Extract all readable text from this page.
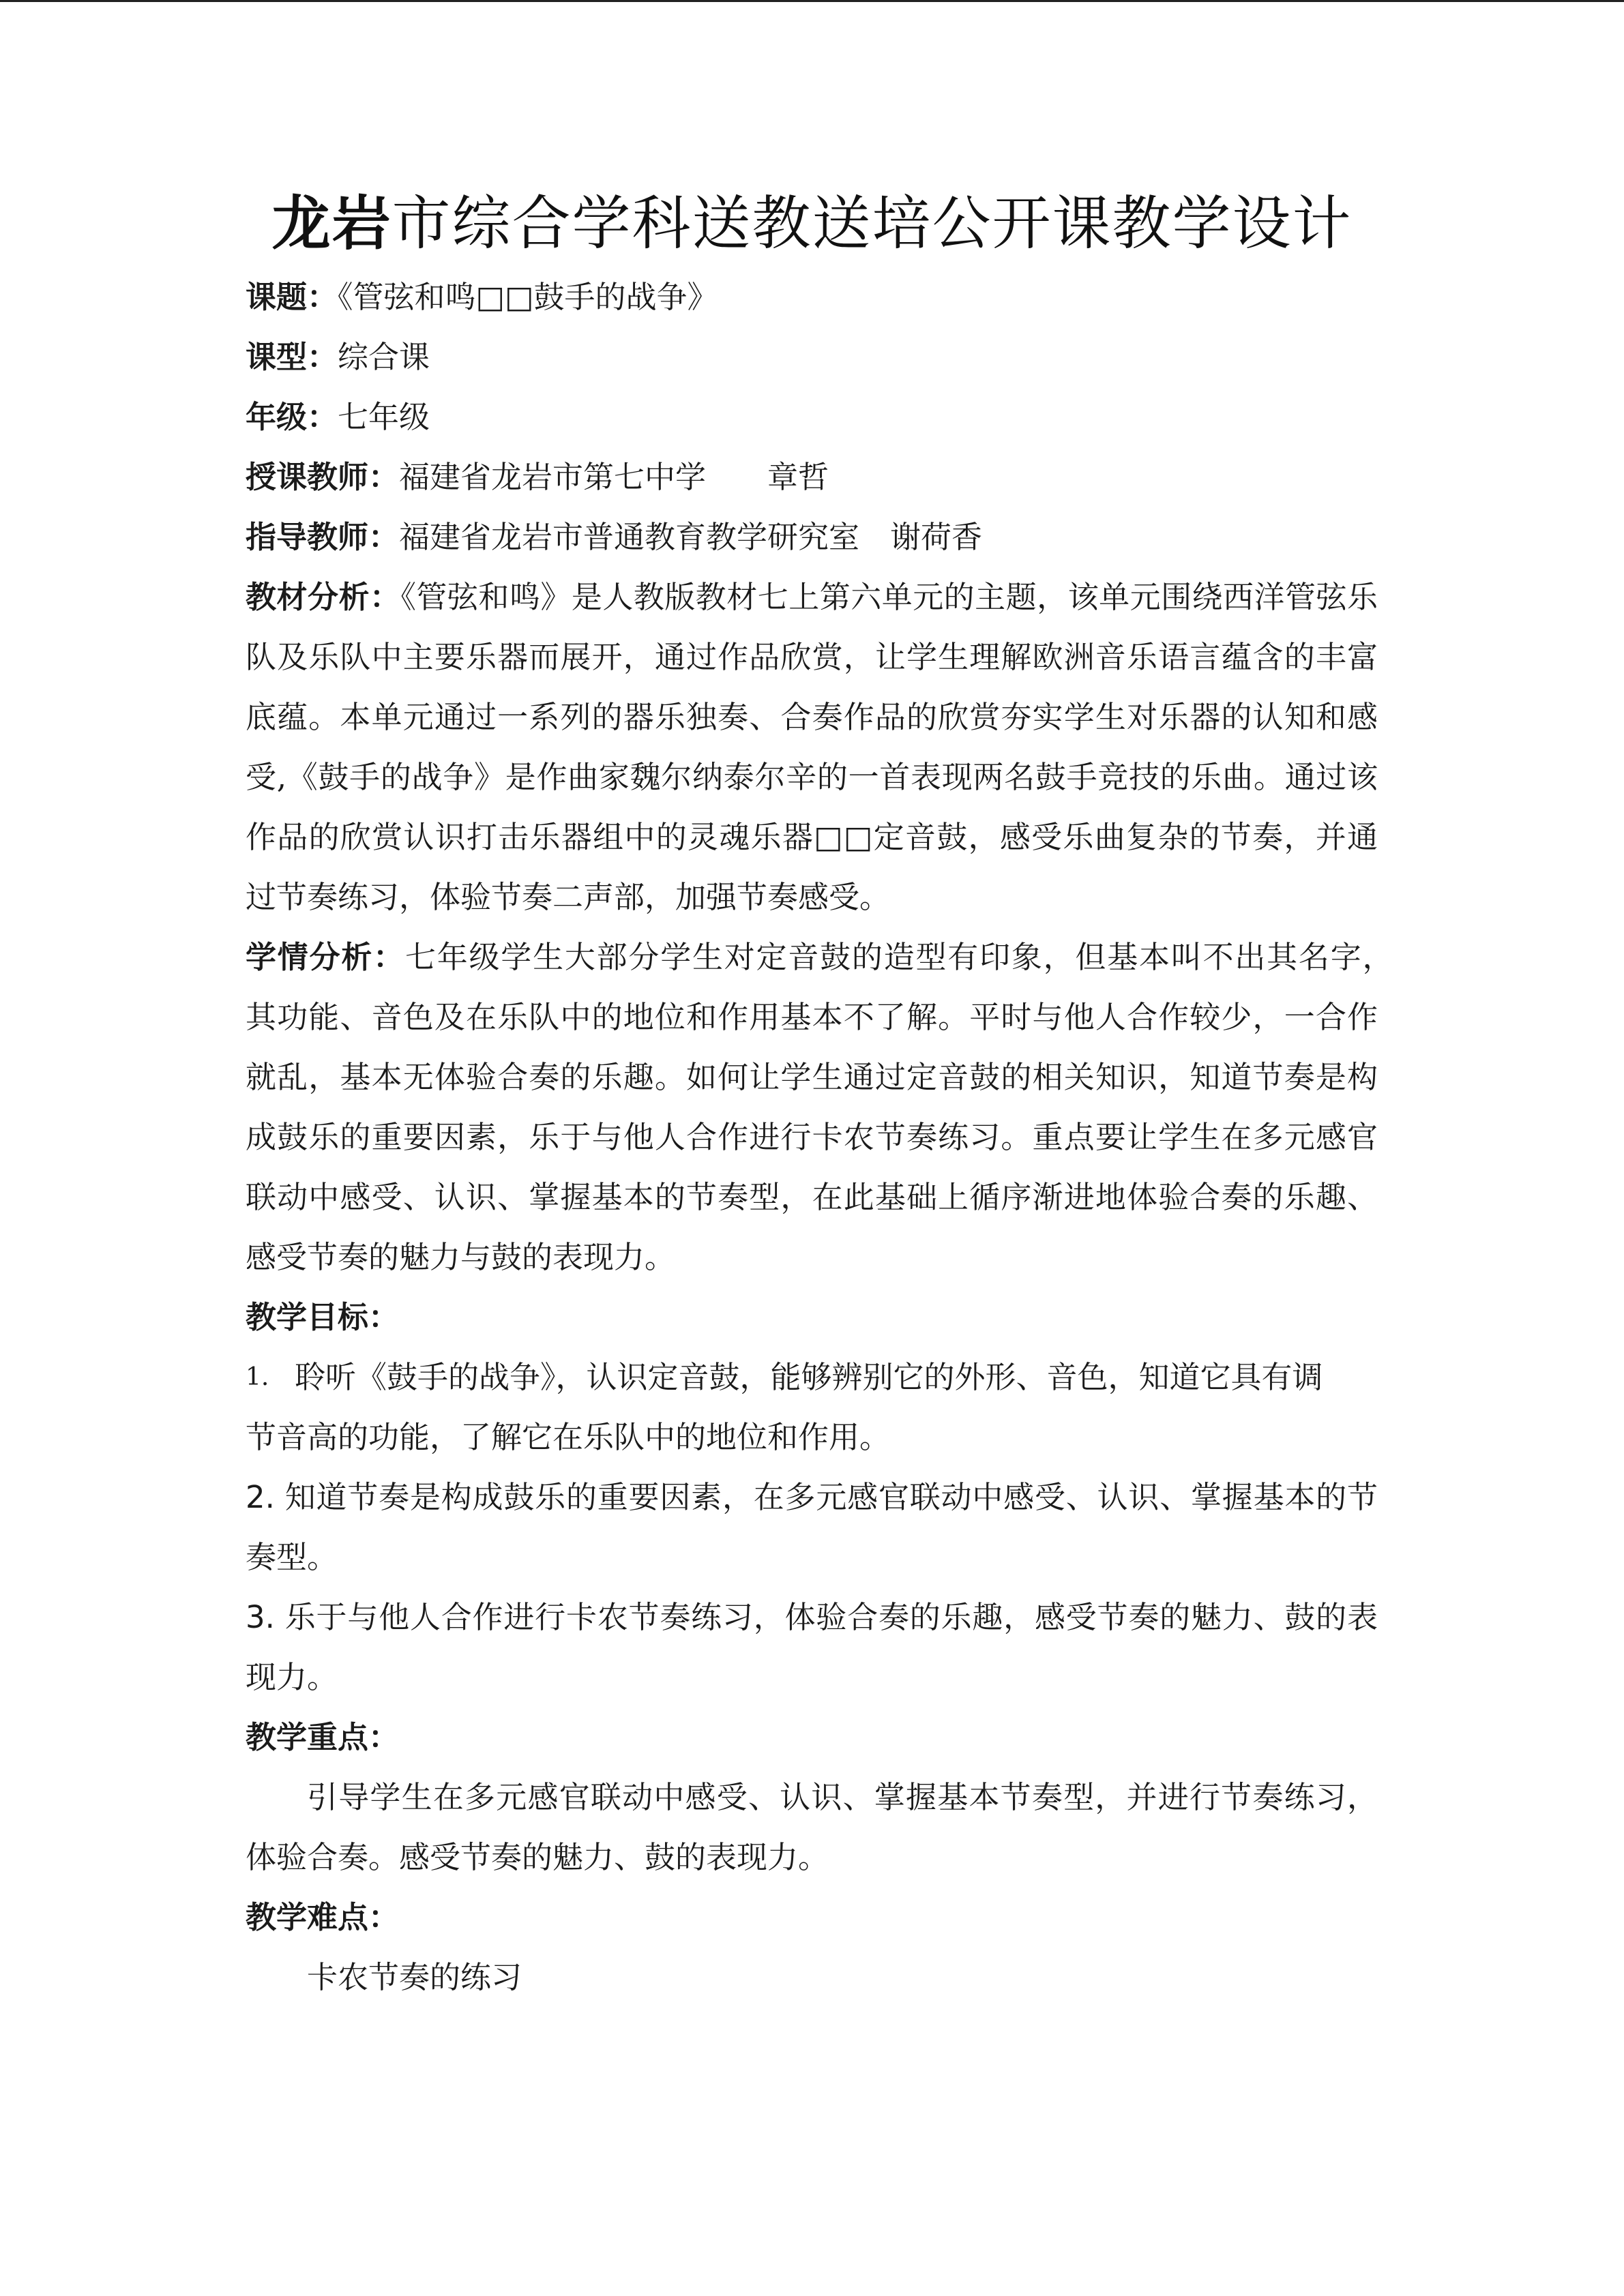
龙岩市综合学科送教送培公开课教学设计
课题：《管弦和鸣□□鼓手的战争》
课型：综合课
年级：七年级
授课教师：福建省龙岩市第七中学　　章哲
指导教师：福建省龙岩市普通教育教学研究室　谢荷香
教材分析：《管弦和鸣》是人教版教材七上第六单元的主题，该单元围绕西洋管弦乐队及乐队中主要乐器而展开，通过作品欣赏，让学生理解欧洲音乐语言蕴含的丰富底蕴。本单元通过一系列的器乐独奏、合奏作品的欣赏夯实学生对乐器的认知和感受,《鼓手的战争》是作曲家魏尔纳泰尔辛的一首表现两名鼓手竞技的乐曲。通过该作品的欣赏认识打击乐器组中的灵魂乐器□□定音鼓，感受乐曲复杂的节奏，并通过节奏练习，体验节奏二声部，加强节奏感受。
学情分析：七年级学生大部分学生对定音鼓的造型有印象，但基本叫不出其名字，　　其功能、音色及在乐队中的地位和作用基本不了解。平时与他人合作较少，一合作就乱，基本无体验合奏的乐趣。如何让学生通过定音鼓的相关知识，知道节奏是构成鼓乐的重要因素，乐于与他人合作进行卡农节奏练习。重点要让学生在多元感官联动中感受、认识、掌握基本的节奏型，在此基础上循序渐进地体验合奏的乐趣、感受节奏的魅力与鼓的表现力。
教学目标：
1. 聆听《鼓手的战争》，认识定音鼓，能够辨别它的外形、音色，知道它具有调
节音高的功能，了解它在乐队中的地位和作用。
2. 知道节奏是构成鼓乐的重要因素，在多元感官联动中感受、认识、掌握基本的节奏型。
3. 乐于与他人合作进行卡农节奏练习，体验合奏的乐趣，感受节奏的魅力、鼓的表现力。
教学重点：
引导学生在多元感官联动中感受、认识、掌握基本节奏型，并进行节奏练习，体验合奏。感受节奏的魅力、鼓的表现力。
教学难点：
卡农节奏的练习
